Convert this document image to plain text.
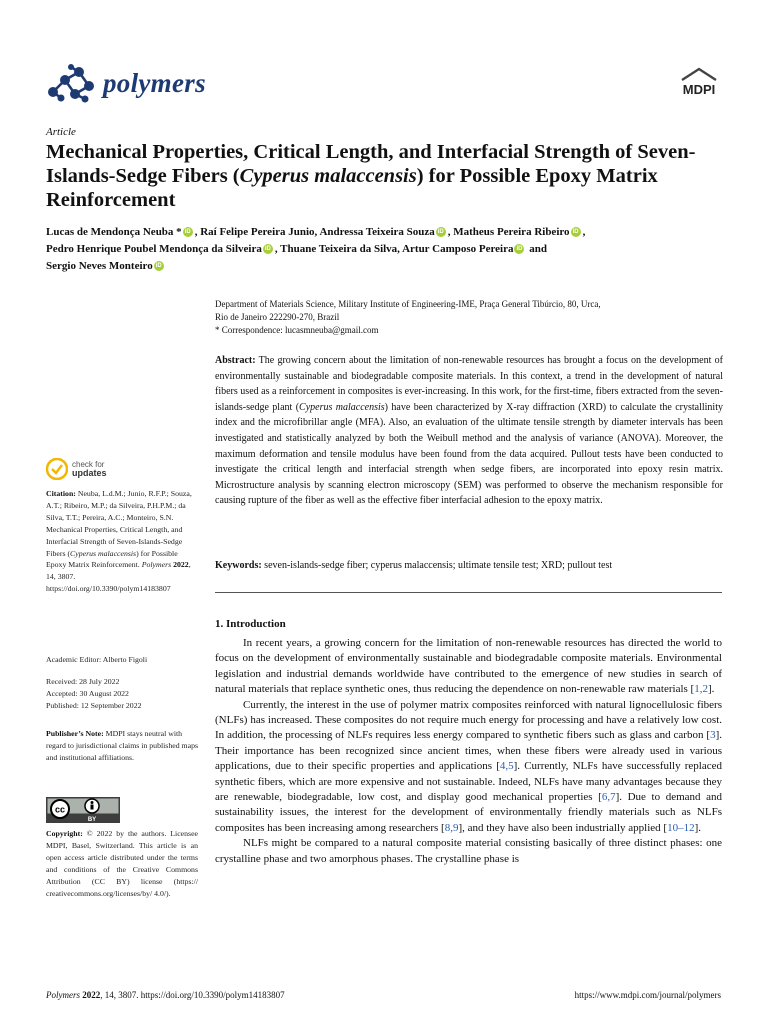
polymers	MDPI
Article
Mechanical Properties, Critical Length, and Interfacial Strength of Seven-Islands-Sedge Fibers (Cyperus malaccensis) for Possible Epoxy Matrix Reinforcement
Lucas de Mendonça Neuba * iD , Raí Felipe Pereira Junio, Andressa Teixeira Souza iD , Matheus Pereira Ribeiro iD ,
Pedro Henrique Poubel Mendonça da Silveira iD , Thuane Teixeira da Silva, Artur Camposo Pereira iD and
Sergio Neves Monteiro iD
Department of Materials Science, Military Institute of Engineering-IME, Praça General Tibúrcio, 80, Urca,
Rio de Janeiro 222290-270, Brazil
* Correspondence: lucasmneuba@gmail.com
Abstract: The growing concern about the limitation of non-renewable resources has brought a focus on the development of environmentally sustainable and biodegradable composite materials. In this context, a trend in the development of natural fibers used as a reinforcement in composites is ever-increasing. In this work, for the first-time, fibers extracted from the seven-islands-sedge plant (Cyperus malaccensis) have been characterized by X-ray diffraction (XRD) to calculate the crystallinity index and the microfibrillar angle (MFA). Also, an evaluation of the ultimate tensile strength by diameter intervals has been investigated and statistically analyzed by both the Weibull method and the analysis of variance (ANOVA). Moreover, the maximum deformation and tensile modulus have been found from the data acquired. Pullout tests have been conducted to investigate the critical length and interfacial strength when sedge fibers, are incorporated into epoxy resin matrix. Microstructure analysis by scanning electron microscopy (SEM) was performed to observe the mechanism responsible for causing rupture of the fiber as well as the effective fiber interfacial adhesion to the epoxy matrix.
Keywords: seven-islands-sedge fiber; cyperus malaccensis; ultimate tensile test; XRD; pullout test
1. Introduction

In recent years, a growing concern for the limitation of non-renewable resources has directed the world to focus on the development of environmentally sustainable and biodegradable composite materials. Environmental legislation and industrial demands worldwide have contributed to the emergence of new studies in search of natural materials that replace synthetic ones, thus reducing the dependence on non-renewable raw materials [1,2].

Currently, the interest in the use of polymer matrix composites reinforced with natural lignocellulosic fibers (NLFs) has increased. These composites do not require much energy for processing and have a relatively low cost. In addition, the processing of NLFs requires less energy compared to synthetic fibers such as glass and carbon [3]. Their importance has been recognized since ancient times, when these fibers were already used in various applications, due to their specific properties and applications [4,5]. Currently, NLFs have successfully replaced synthetic fibers, which are more expensive and not sustainable. Indeed, NLFs have many advantages because they are renewable, biodegradable, low cost, and display good mechanical properties [6,7]. Due to demand and sustainability issues, the interest for the development of environmentally friendly materials such as NLFs composites has been increasing among researchers [8,9], and they have also been industrially applied [10–12].

NLFs might be compared to a natural composite material consisting basically of three distinct phases: one crystalline phase and two amorphous phases. The crystalline phase is

check for
updates
Citation: Neuba, L.d.M.; Junio, R.F.P.; Souza, A.T.; Ribeiro, M.P.; da Silveira, P.H.P.M.; da Silva, T.T.; Pereira, A.C.; Monteiro, S.N. Mechanical Properties, Critical Length, and Interfacial Strength of Seven-Islands-Sedge Fibers (Cyperus malaccensis) for Possible Epoxy Matrix Reinforcement. Polymers 2022, 14, 3807. https://doi.org/10.3390/polym14183807
Academic Editor: Alberto Figoli
Received: 28 July 2022
Accepted: 30 August 2022
Published: 12 September 2022
Publisher’s Note: MDPI stays neutral with regard to jurisdictional claims in published maps and institutional affiliations.
cc
BY
Copyright: © 2022 by the authors. Licensee MDPI, Basel, Switzerland. This article is an open access article distributed under the terms and conditions of the Creative Commons Attribution (CC BY) license (https:// creativecommons.org/licenses/by/ 4.0/).
Polymers 2022, 14, 3807. https://doi.org/10.3390/polym14183807	https://www.mdpi.com/journal/polymers
